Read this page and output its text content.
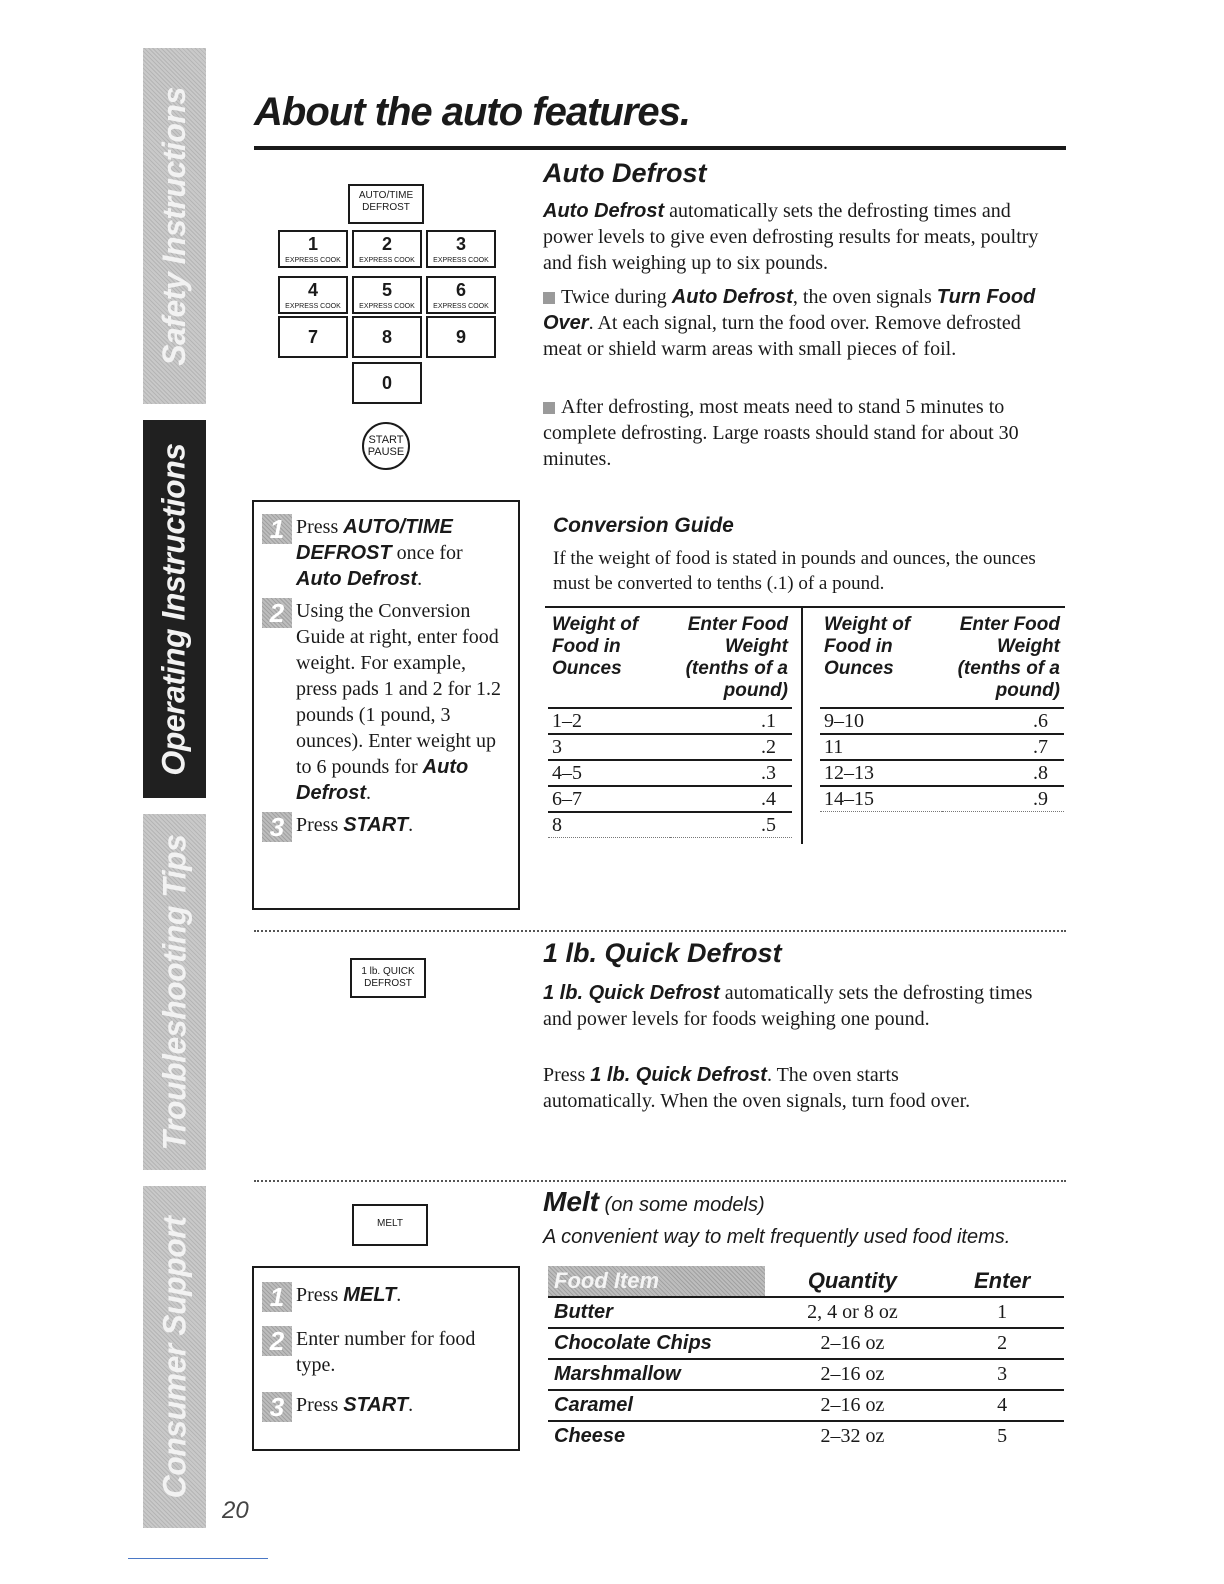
Safety Instructions
Operating Instructions
Troubleshooting Tips
Consumer Support
About the auto features.
AUTO/TIME DEFROST
1
EXPRESS COOK
2
EXPRESS COOK
3
EXPRESS COOK
4
EXPRESS COOK
5
EXPRESS COOK
6
EXPRESS COOK
7	8	9
0
START PAUSE
Auto Defrost

Auto Defrost automatically sets the defrosting times and power levels to give even defrosting results for meats, poultry and fish weighing up to six pounds.

Twice during Auto Defrost, the oven signals Turn Food Over. At each signal, turn the food over. Remove defrosted meat or shield warm areas with small pieces of foil.

After defrosting, most meats need to stand 5 minutes to complete defrosting. Large roasts should stand for about 30 minutes.

1 Press AUTO/TIME DEFROST once for Auto Defrost.
2 Using the Conversion Guide at right, enter food weight. For example, press pads 1 and 2 for 1.2 pounds (1 pound, 3 ounces). Enter weight up to 6 pounds for Auto Defrost.
3 Press START.
Conversion Guide

If the weight of food is stated in pounds and ounces, the ounces must be converted to tenths (.1) of a pound.

Weight of Food in Ounces	Enter Food Weight (tenths of a pound)

1–2	.1
3	.2
4–5	.3
6–7	.4
8	.5
Weight of Food in Ounces	Enter Food Weight (tenths of a pound)

9–10	.6
11	.7
12–13	.8
14–15	.9
1 lb. QUICK DEFROST
1 lb. Quick Defrost

1 lb. Quick Defrost automatically sets the defrosting times and power levels for foods weighing one pound.

Press 1 lb. Quick Defrost. The oven starts automatically. When the oven signals, turn food over.

MELT
Melt (on some models)
A convenient way to melt frequently used food items.
1 Press MELT.
2 Enter number for food type.
3 Press START.
Food Item	Quantity	Enter
Butter	2, 4 or 8 oz	1
Chocolate Chips	2–16 oz	2
Marshmallow	2–16 oz	3
Caramel	2–16 oz	4
Cheese	2–32 oz	5
20
